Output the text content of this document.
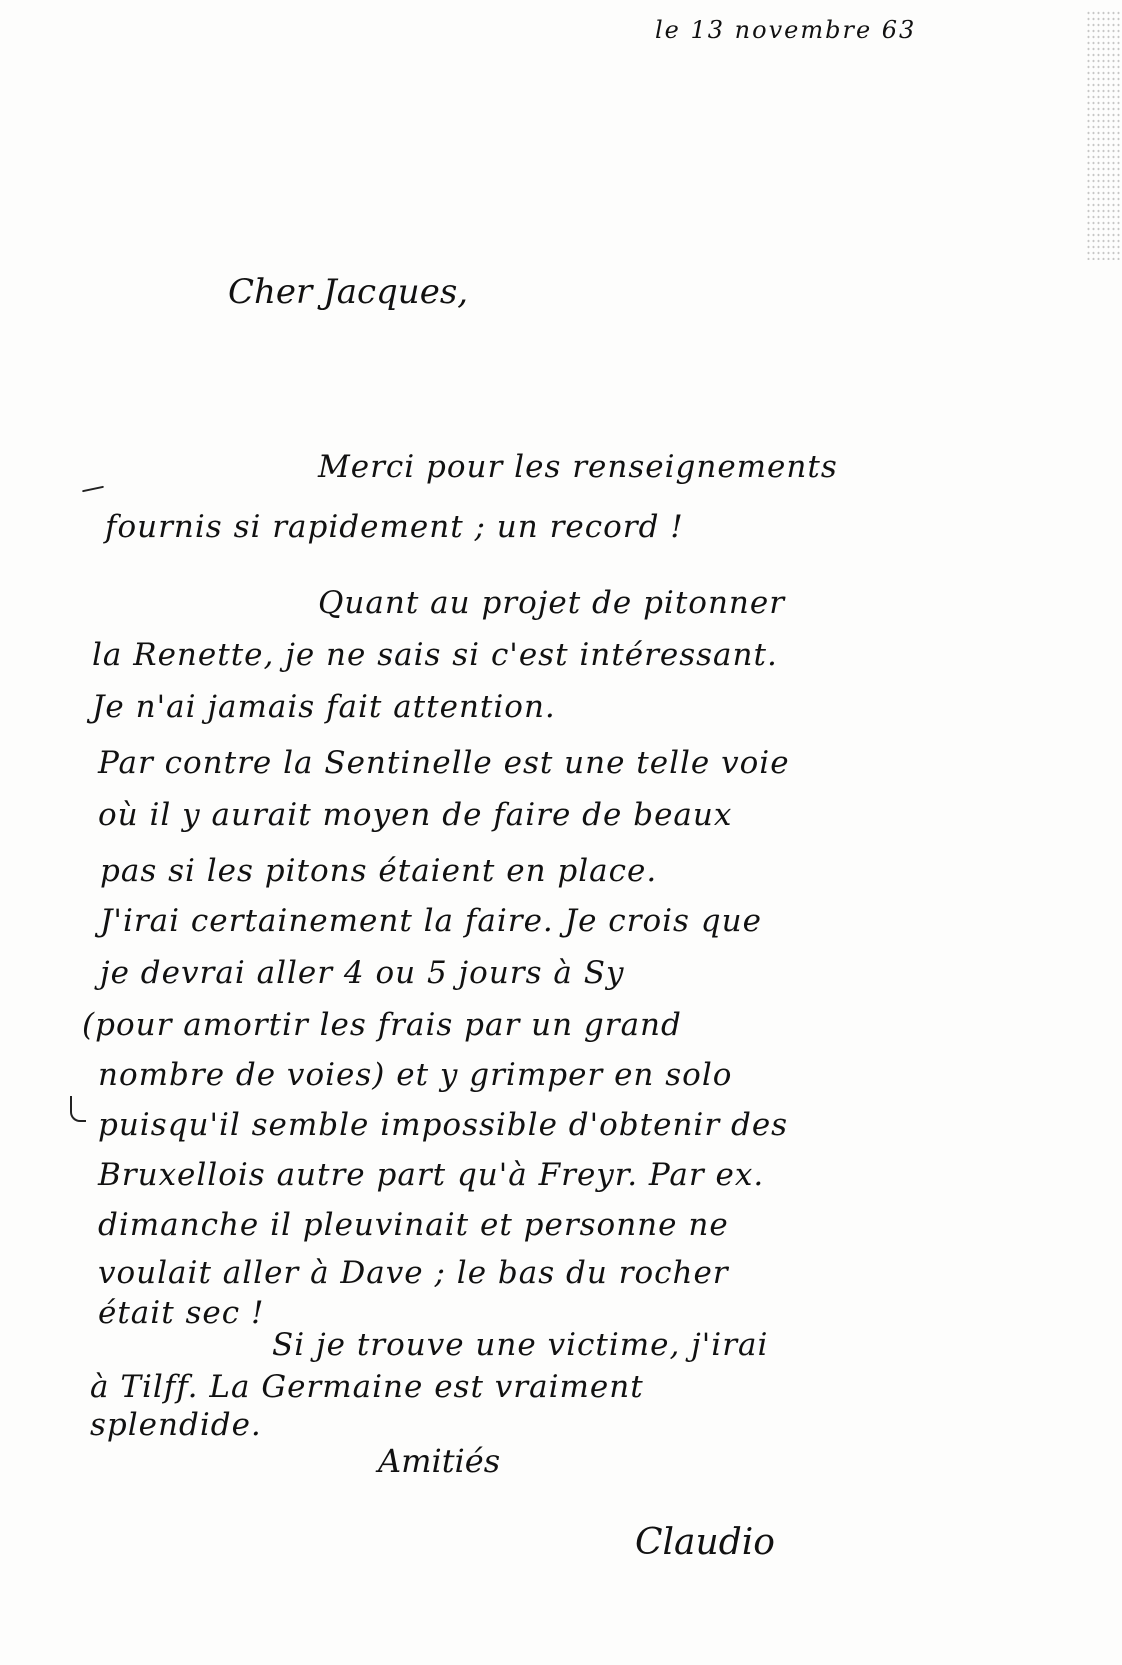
le 13 novembre 63
Cher Jacques,
Merci pour les renseignements
fournis si rapidement ; un record !
Quant au projet de pitonner
la Renette, je ne sais si c'est intéressant.
Je n'ai jamais fait attention.
Par contre la Sentinelle est une telle voie
où il y aurait moyen de faire de beaux
pas si les pitons étaient en place.
J'irai certainement la faire. Je crois que
je devrai aller 4 ou 5 jours à Sy
(pour amortir les frais par un grand
nombre de voies) et y grimper en solo
puisqu'il semble impossible d'obtenir des
Bruxellois autre part qu'à Freyr. Par ex.
dimanche il pleuvinait et personne ne
voulait aller à Dave ; le bas du rocher
était sec !
Si je trouve une victime, j'irai
à Tilff. La Germaine est vraiment
splendide.
Amitiés
Claudio
